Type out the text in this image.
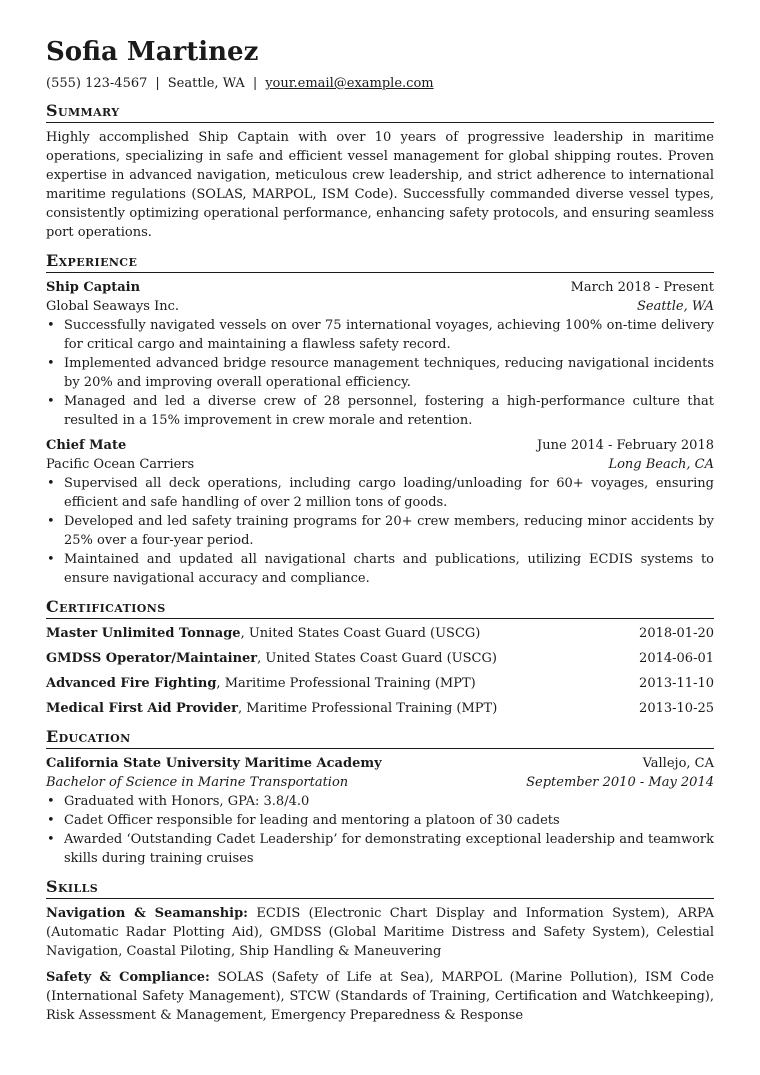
Sofia Martinez
(555) 123-4567 | Seattle, WA | your.email@example.com
Summary

Highly accomplished Ship Captain with over 10 years of progressive leadership in maritime operations, specializing in safe and efficient vessel management for global shipping routes. Proven expertise in advanced navigation, meticulous crew leadership, and strict adherence to international maritime regulations (SOLAS, MARPOL, ISM Code). Successfully commanded diverse vessel types, consistently optimizing operational performance, enhancing safety protocols, and ensuring seamless port operations.

Experience
Ship Captain	March 2018 - Present
Global Seaways Inc.	Seattle, WA
• Successfully navigated vessels on over 75 international voyages, achieving 100% on-time delivery for critical cargo and maintaining a flawless safety record.
• Implemented advanced bridge resource management techniques, reducing navigational incidents by 20% and improving overall operational efficiency.
• Managed and led a diverse crew of 28 personnel, fostering a high-performance culture that resulted in a 15% improvement in crew morale and retention.
Chief Mate	June 2014 - February 2018
Pacific Ocean Carriers	Long Beach, CA
• Supervised all deck operations, including cargo loading/unloading for 60+ voyages, ensuring efficient and safe handling of over 2 million tons of goods.
• Developed and led safety training programs for 20+ crew members, reducing minor accidents by 25% over a four-year period.
• Maintained and updated all navigational charts and publications, utilizing ECDIS systems to ensure navigational accuracy and compliance.
Certifications
Master Unlimited Tonnage, United States Coast Guard (USCG)	2018-01-20
GMDSS Operator/Maintainer, United States Coast Guard (USCG)	2014-06-01
Advanced Fire Fighting, Maritime Professional Training (MPT)	2013-11-10
Medical First Aid Provider, Maritime Professional Training (MPT)	2013-10-25
Education
California State University Maritime Academy	Vallejo, CA
Bachelor of Science in Marine Transportation	September 2010 - May 2014
• Graduated with Honors, GPA: 3.8/4.0
• Cadet Officer responsible for leading and mentoring a platoon of 30 cadets
• Awarded ‘Outstanding Cadet Leadership’ for demonstrating exceptional leadership and teamwork skills during training cruises
Skills
Navigation & Seamanship: ECDIS (Electronic Chart Display and Information System), ARPA (Automatic Radar Plotting Aid), GMDSS (Global Maritime Distress and Safety System), Celestial Navigation, Coastal Piloting, Ship Handling & Maneuvering
Safety & Compliance: SOLAS (Safety of Life at Sea), MARPOL (Marine Pollution), ISM Code (International Safety Management), STCW (Standards of Training, Certification and Watchkeeping), Risk Assessment & Management, Emergency Preparedness & Response
